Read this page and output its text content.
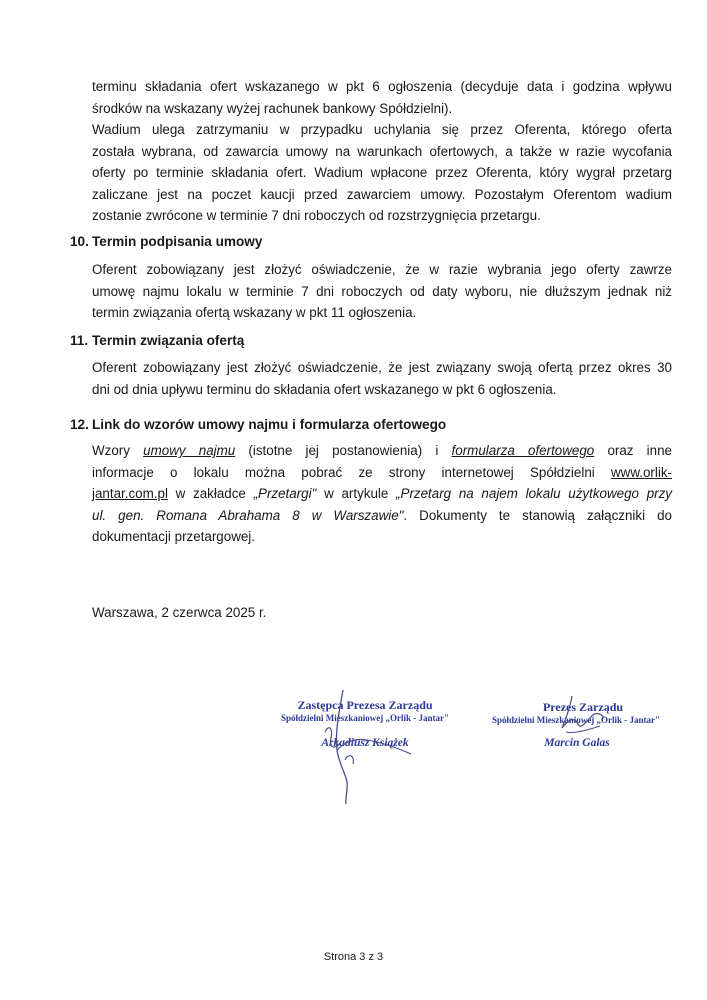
terminu składania ofert wskazanego w pkt 6 ogłoszenia (decyduje data i godzina wpływu
środków na wskazany wyżej rachunek bankowy Spółdzielni).
Wadium ulega zatrzymaniu w przypadku uchylania się przez Oferenta, którego oferta
została wybrana, od zawarcia umowy na warunkach ofertowych, a także w razie wycofania
oferty po terminie składania ofert. Wadium wpłacone przez Oferenta, który wygrał przetarg
zaliczane jest na poczet kaucji przed zawarciem umowy. Pozostałym Oferentom wadium
zostanie zwrócone w terminie 7 dni roboczych od rozstrzygnięcia przetargu.
10. Termin podpisania umowy
Oferent zobowiązany jest złożyć oświadczenie, że w razie wybrania jego oferty zawrze
umowę najmu lokalu w terminie 7 dni roboczych od daty wyboru, nie dłuższym jednak niż
termin związania ofertą wskazany w pkt 11 ogłoszenia.
11. Termin związania ofertą
Oferent zobowiązany jest złożyć oświadczenie, że jest związany swoją ofertą przez okres 30
dni od dnia upływu terminu do składania ofert wskazanego w pkt 6 ogłoszenia.
12. Link do wzorów umowy najmu i formularza ofertowego
Wzory umowy najmu (istotne jej postanowienia) i formularza ofertowego oraz inne
informacje o lokalu można pobrać ze strony internetowej Spółdzielni www.orlik-
jantar.com.pl w zakładce „Przetargi" w artykule „Przetarg na najem lokalu użytkowego przy
ul. gen. Romana Abrahama 8 w Warszawie". Dokumenty te stanowią załączniki do
dokumentacji przetargowej.
Warszawa, 2 czerwca 2025 r.
Zastępca Prezesa Zarządu
Spółdzielni Mieszkaniowej „Orlik - Jantar"
Arkadiusz Książek
Prezes Zarządu
Spółdzielni Mieszkaniowej „Orlik - Jantar"
Marcin Galas
Strona 3 z 3
